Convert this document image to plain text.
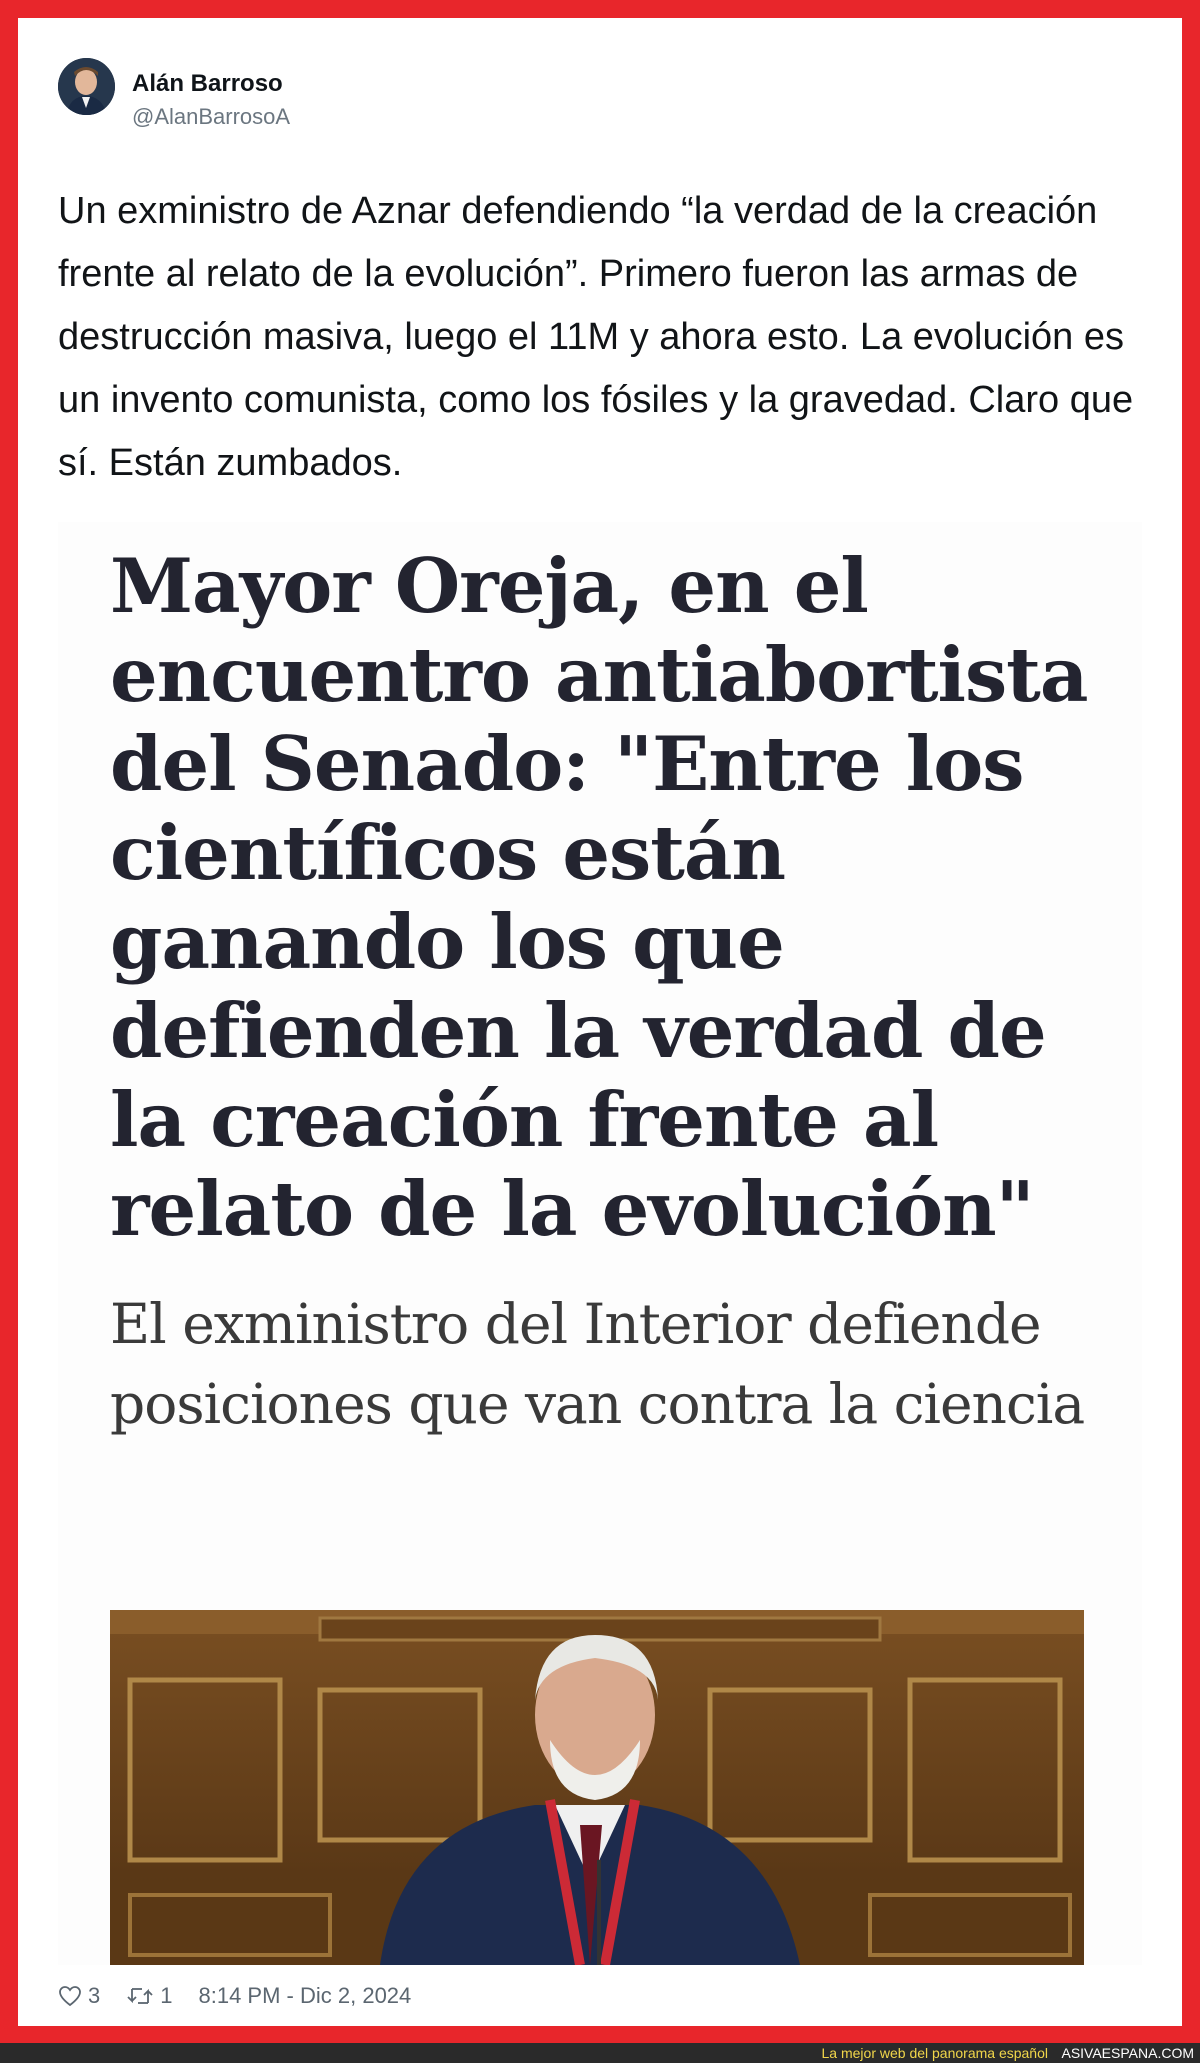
Alán Barroso
@AlanBarrosoA
Un exministro de Aznar defendiendo “la verdad de la creación frente al relato de la evolución”. Primero fueron las armas de destrucción masiva, luego el 11M y ahora esto. La evolución es un invento comunista, como los fósiles y la gravedad. Claro que sí. Están zumbados.
Mayor Oreja, en el encuentro antiabortista del Senado: "Entre los científicos están ganando los que defienden la verdad de la creación frente al relato de la evolución"
El exministro del Interior defiende posiciones que van contra la ciencia
3	1 8:14 PM - Dic 2, 2024
La mejor web del panorama español ASIVAESPANA.COM
